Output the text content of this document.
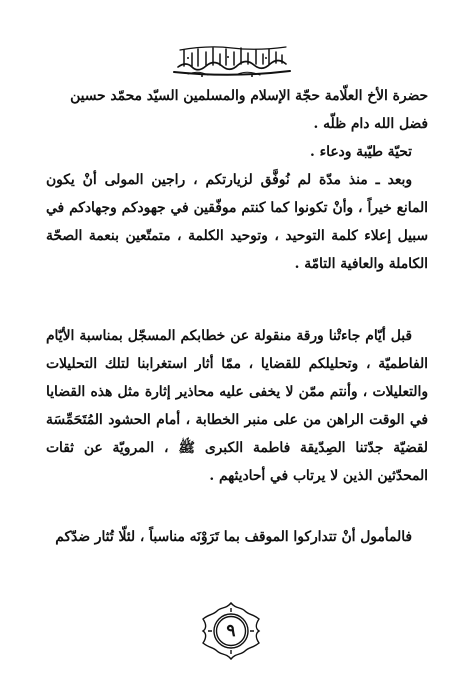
حضرة الأخ العلّامة حجّة الإسلام والمسلمين السيّد محمّد حسين

فضل الله دام ظلّه .

تحيّة طيّبة ودعاء .

وبعد ـ منذ مدّة لم نُوفَّق لزيارتكم ، راجين المولى أنْ يكون المانع خيراً ، وأنْ تكونوا كما كنتم موفّقين في جهودكم وجهادكم في سبيل إعلاء كلمة التوحيد ، وتوحيد الكلمة ، متمتّعين بنعمة الصحّة الكاملة والعافية التامّة .

قبل أيّام جاءتْنا ورقة منقولة عن خطابكم المسجّل بمناسبة الأيّام الفاطميّة ، وتحليلكم للقضايا ، ممّا أثار استغرابنا لتلك التحليلات والتعليلات ، وأنتم ممّن لا يخفى عليه محاذير إثارة مثل هذه القضايا في الوقت الراهن من على منبر الخطابة ، أمام الحشود المُتَحَمِّسَة لقضيّة جدّتنا الصِدّيقة فاطمة الكبرى ﷺ ، المرويّة عن ثقات المحدّثين الذين لا يرتاب في أحاديثهم .

فالمأمول أنْ تتداركوا الموقف بما تَرَوْنَه مناسباً ، لئلّا تُثار ضدّكم

٩
